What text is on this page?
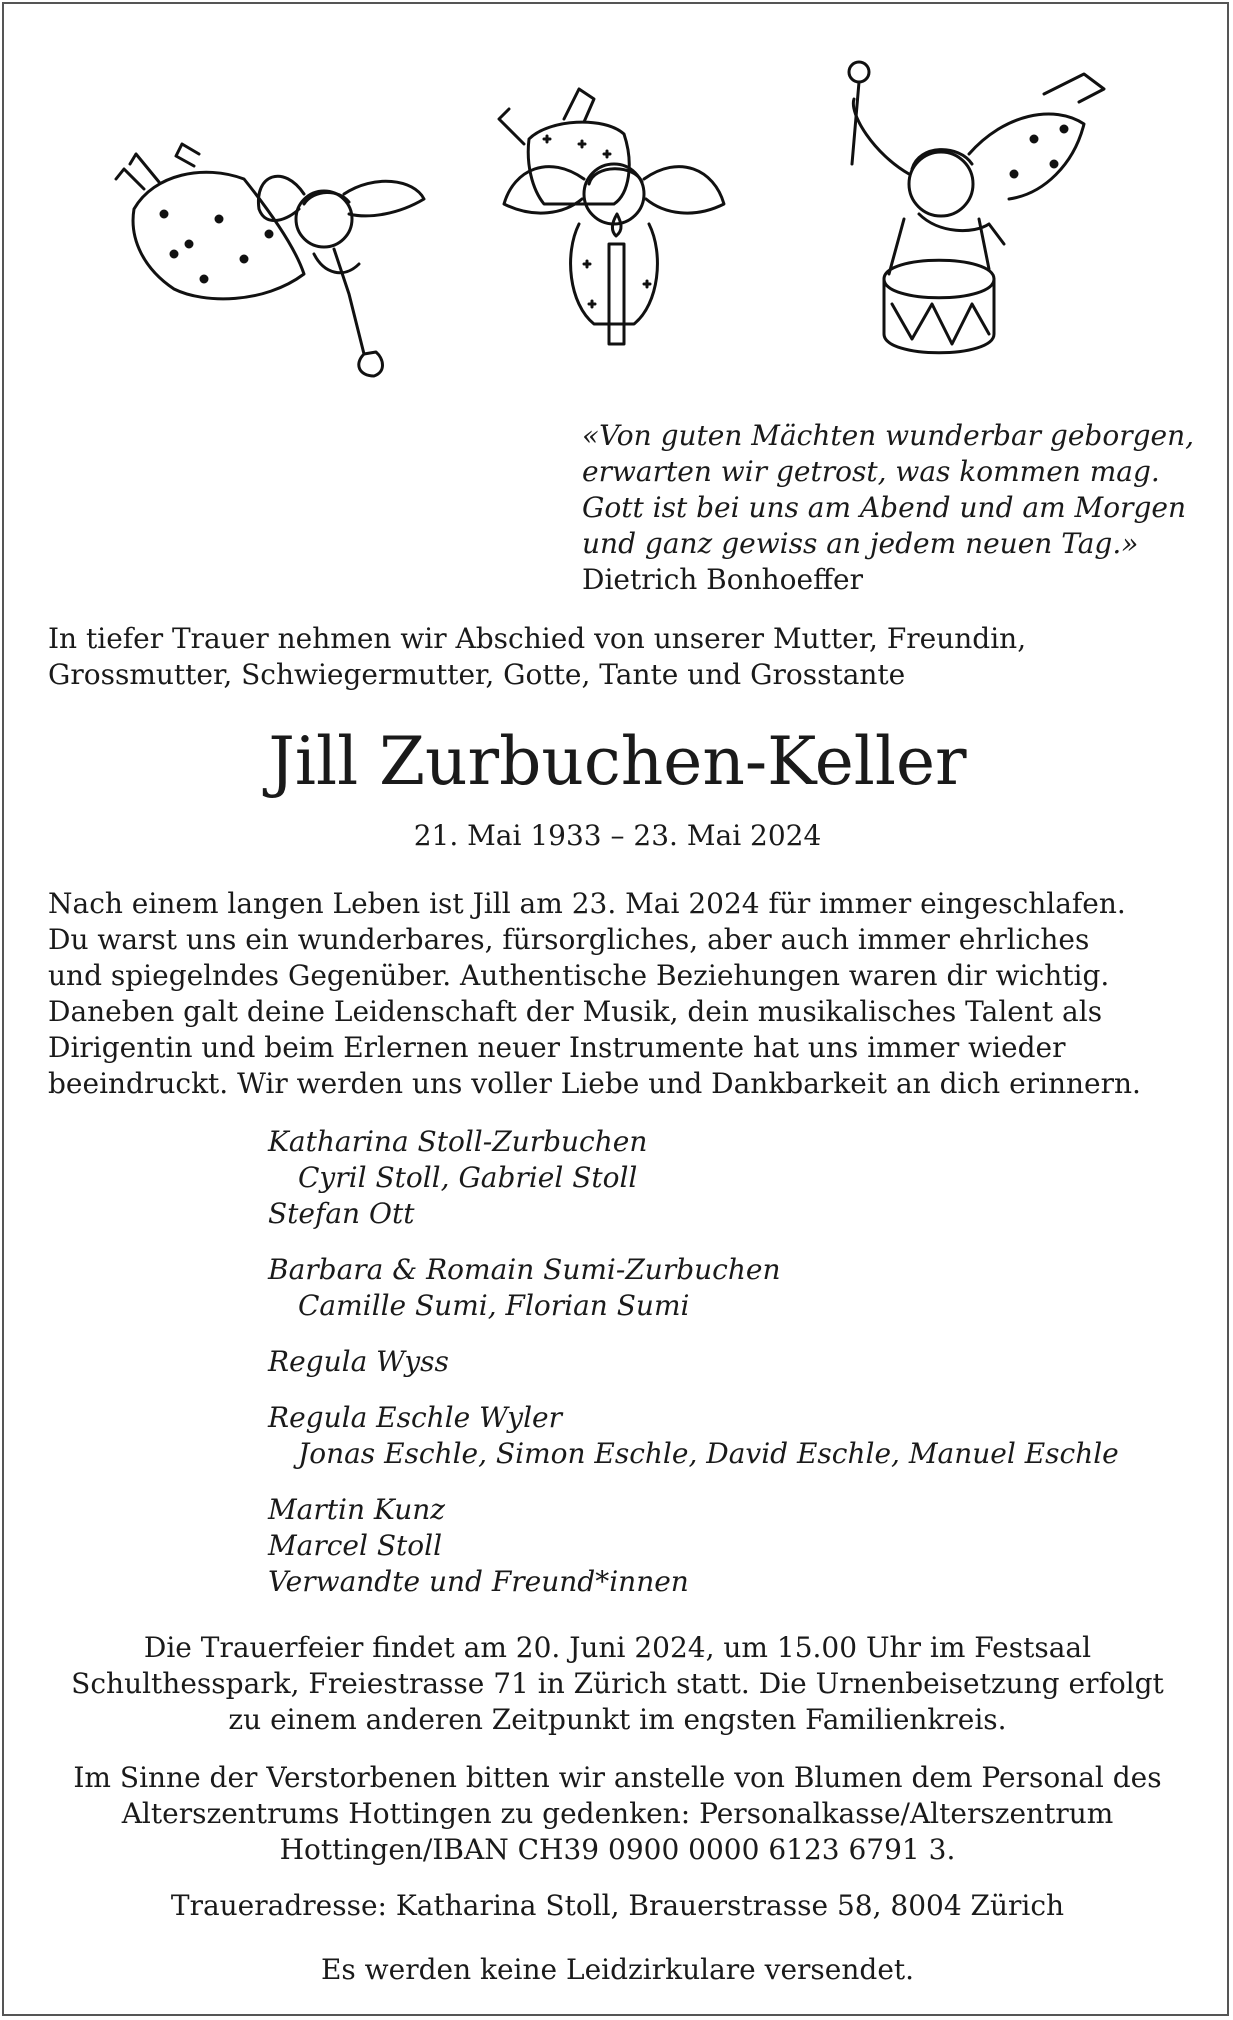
«Von guten Mächten wunderbar geborgen,
erwarten wir getrost, was kommen mag.
Gott ist bei uns am Abend und am Morgen
und ganz gewiss an jedem neuen Tag.»
Dietrich Bonhoeffer
In tiefer Trauer nehmen wir Abschied von unserer Mutter, Freundin,
Grossmutter, Schwiegermutter, Gotte, Tante und Grosstante
Jill Zurbuchen-Keller
21. Mai 1933 – 23. Mai 2024
Nach einem langen Leben ist Jill am 23. Mai 2024 für immer eingeschlafen.
Du warst uns ein wunderbares, fürsorgliches, aber auch immer ehrliches
und spiegelndes Gegenüber. Authentische Beziehungen waren dir wichtig.
Daneben galt deine Leidenschaft der Musik, dein musikalisches Talent als
Dirigentin und beim Erlernen neuer Instrumente hat uns immer wieder
beeindruckt. Wir werden uns voller Liebe und Dankbarkeit an dich erinnern.
Katharina Stoll-Zurbuchen
Cyril Stoll, Gabriel Stoll
Stefan Ott
Barbara & Romain Sumi-Zurbuchen
Camille Sumi, Florian Sumi
Regula Wyss
Regula Eschle Wyler
Jonas Eschle, Simon Eschle, David Eschle, Manuel Eschle
Martin Kunz
Marcel Stoll
Verwandte und Freund*innen
Die Trauerfeier findet am 20. Juni 2024, um 15.00 Uhr im Festsaal
Schulthesspark, Freiestrasse 71 in Zürich statt. Die Urnenbeisetzung erfolgt
zu einem anderen Zeitpunkt im engsten Familienkreis.
Im Sinne der Verstorbenen bitten wir anstelle von Blumen dem Personal des
Alterszentrums Hottingen zu gedenken: Personalkasse/Alterszentrum
Hottingen/IBAN CH39 0900 0000 6123 6791 3.
Traueradresse: Katharina Stoll, Brauerstrasse 58, 8004 Zürich
Es werden keine Leidzirkulare versendet.
